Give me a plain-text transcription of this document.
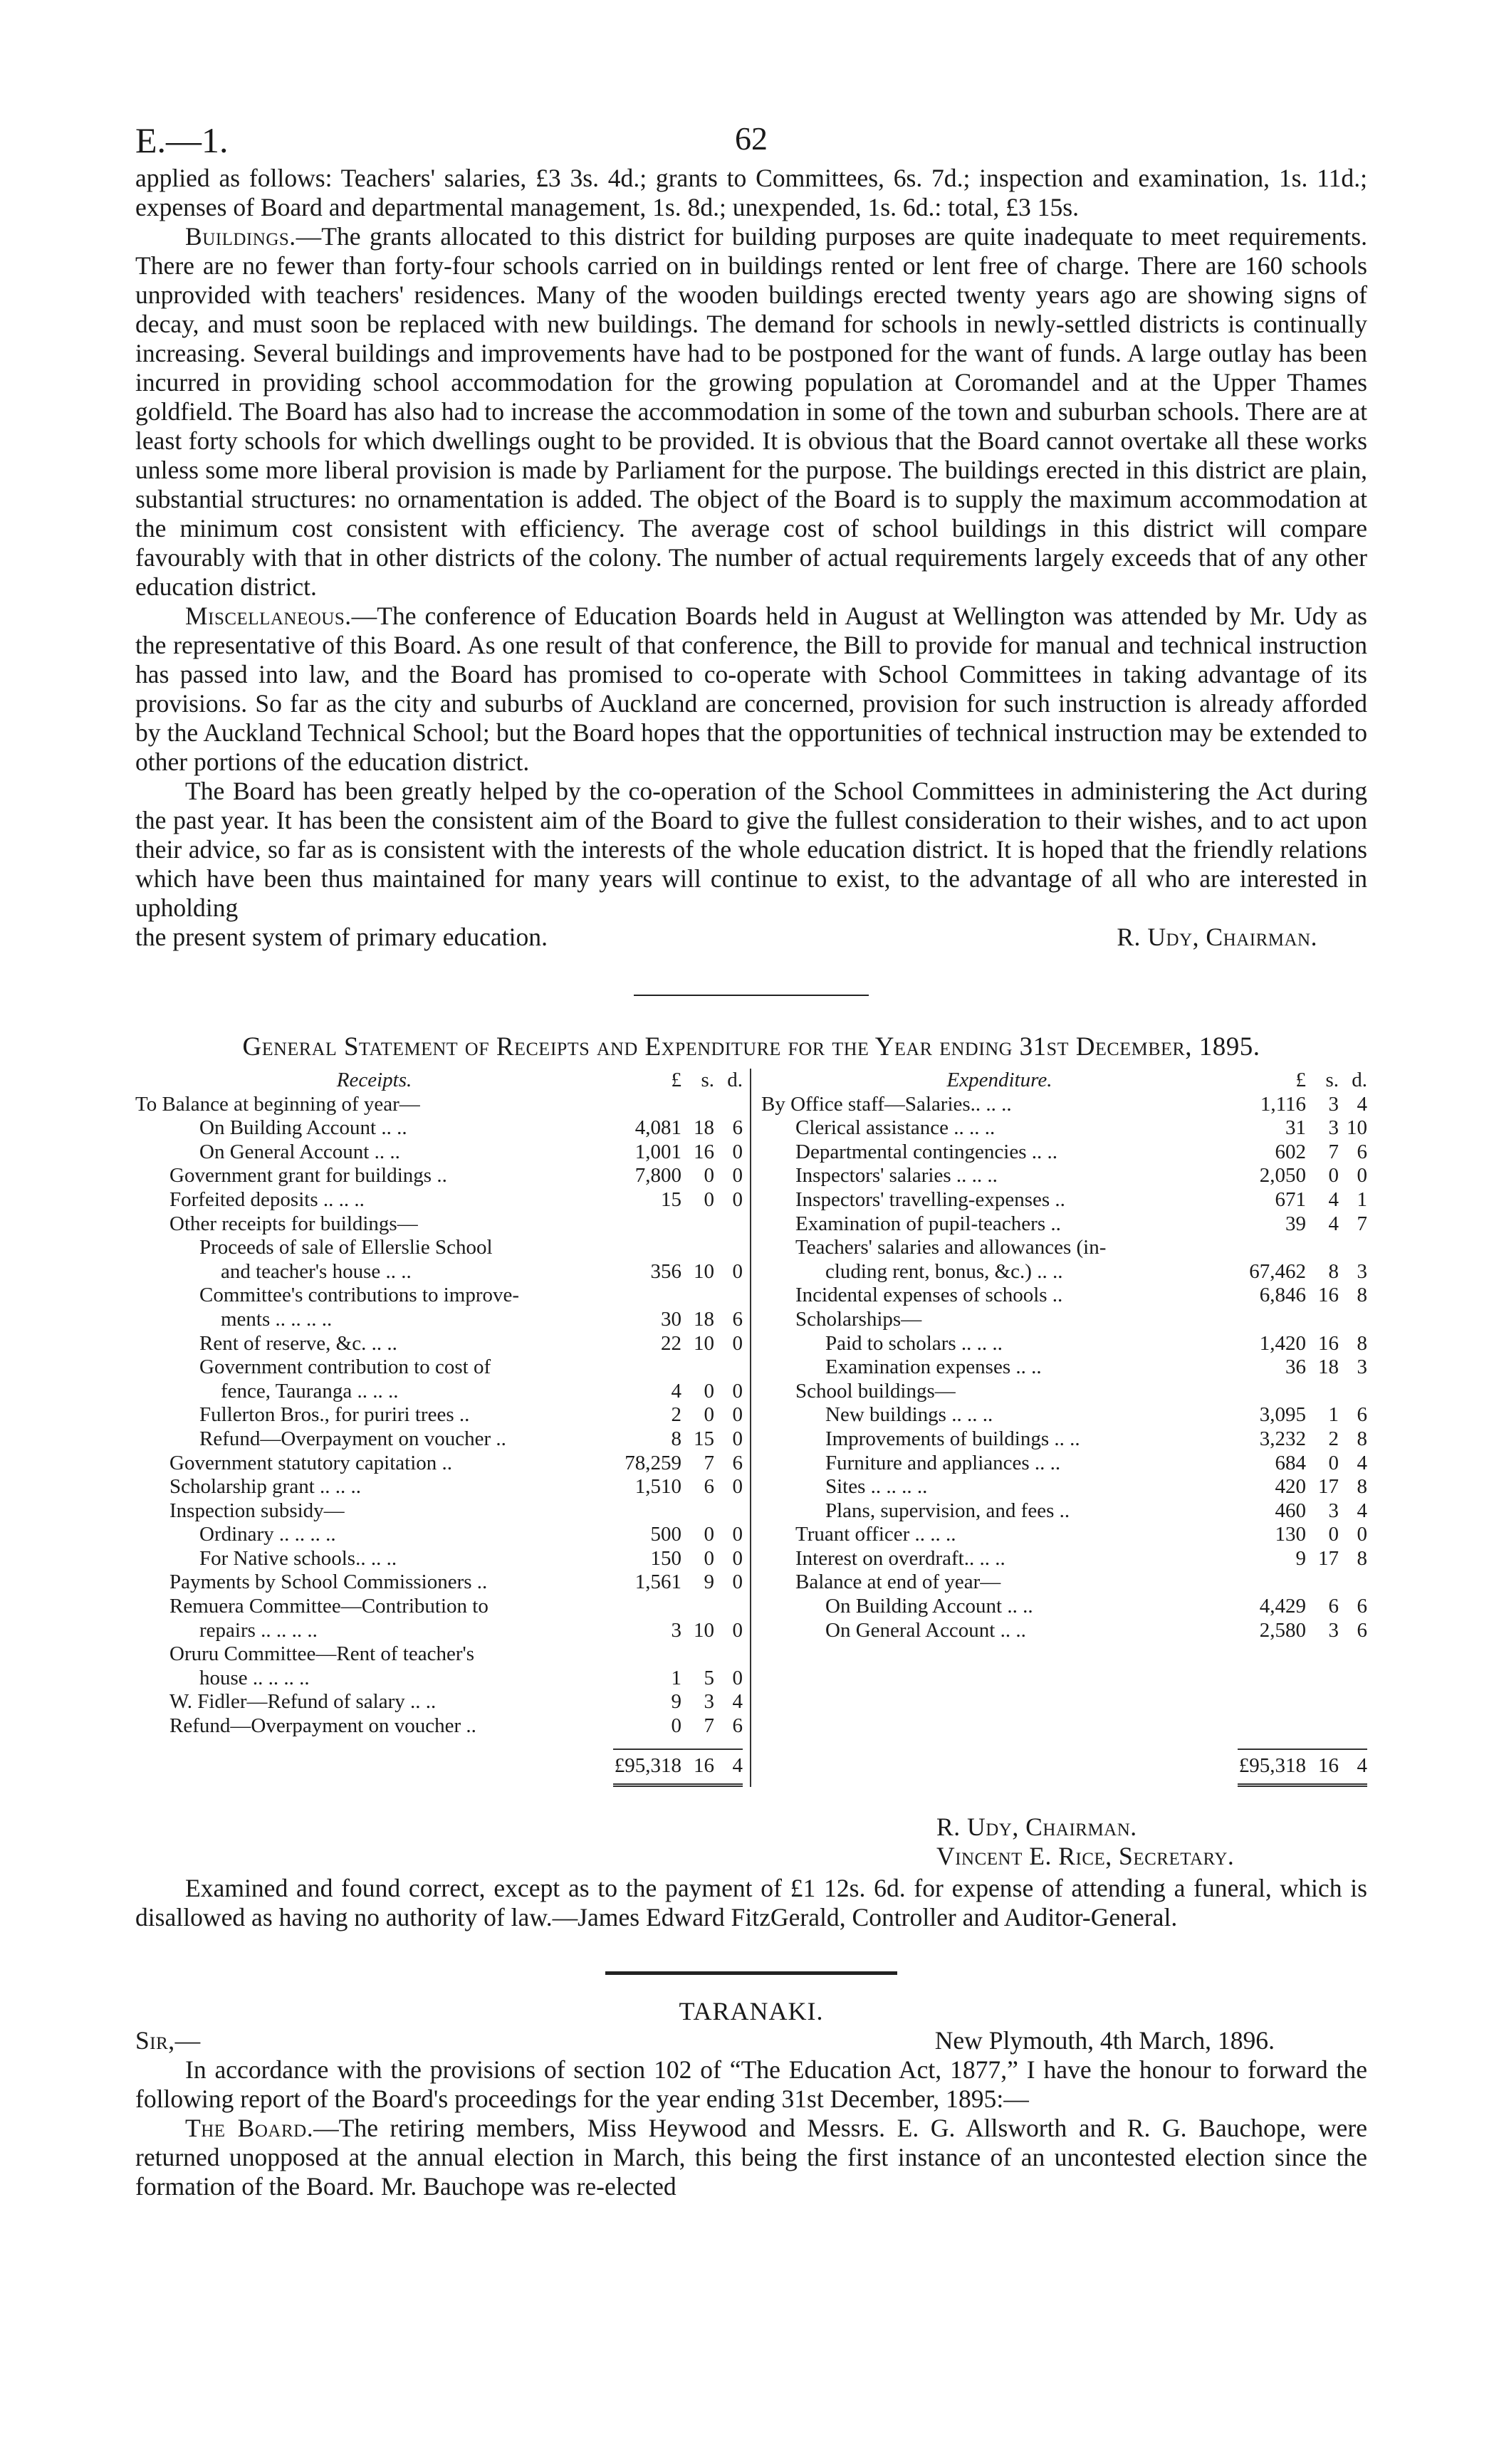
E.—1.	62

applied as follows: Teachers' salaries, £3 3s. 4d.; grants to Committees, 6s. 7d.; inspection and examination, 1s. 11d.; expenses of Board and departmental management, 1s. 8d.; unexpended, 1s. 6d.: total, £3 15s.

Buildings.—The grants allocated to this district for building purposes are quite inadequate to meet requirements. There are no fewer than forty-four schools carried on in buildings rented or lent free of charge. There are 160 schools unprovided with teachers' residences. Many of the wooden buildings erected twenty years ago are showing signs of decay, and must soon be replaced with new buildings. The demand for schools in newly-settled districts is continually increasing. Several buildings and improvements have had to be postponed for the want of funds. A large outlay has been incurred in providing school accommodation for the growing population at Coromandel and at the Upper Thames goldfield. The Board has also had to increase the accommodation in some of the town and suburban schools. There are at least forty schools for which dwellings ought to be provided. It is obvious that the Board cannot overtake all these works unless some more liberal provision is made by Parliament for the purpose. The buildings erected in this district are plain, substantial structures: no ornamentation is added. The object of the Board is to supply the maximum accommodation at the minimum cost consistent with efficiency. The average cost of school buildings in this district will compare favourably with that in other districts of the colony. The number of actual requirements largely exceeds that of any other education district.

Miscellaneous.—The conference of Education Boards held in August at Wellington was attended by Mr. Udy as the representative of this Board. As one result of that conference, the Bill to provide for manual and technical instruction has passed into law, and the Board has promised to co-operate with School Committees in taking advantage of its provisions. So far as the city and suburbs of Auckland are concerned, provision for such instruction is already afforded by the Auckland Technical School; but the Board hopes that the opportunities of technical instruction may be extended to other portions of the education district.

The Board has been greatly helped by the co-operation of the School Committees in administering the Act during the past year. It has been the consistent aim of the Board to give the fullest consideration to their wishes, and to act upon their advice, so far as is consistent with the interests of the whole education district. It is hoped that the friendly relations which have been thus maintained for many years will continue to exist, to the advantage of all who are interested in upholding

the present system of primary education.	R. Udy, Chairman.
General Statement of Receipts and Expenditure for the Year ending 31st December, 1895.
Receipts.	£ s. d.
To Balance at beginning of year—
On Building Account .. ..	4,081 18 6
On General Account .. ..	1,001 16 0
Government grant for buildings ..	7,800	0 0
Forfeited deposits .. .. ..	15	0 0
Other receipts for buildings—
Proceeds of sale of Ellerslie School
and teacher's house .. ..	356 10 0
Committee's contributions to improve-
ments .. .. .. ..	30 18 6
Rent of reserve, &c. .. ..	22 10 0
Government contribution to cost of
fence, Tauranga .. .. ..	4	0 0
Fullerton Bros., for puriri trees ..	2	0 0
Refund—Overpayment on voucher ..	8 15 0
Government statutory capitation ..	78,259	7 6
Scholarship grant .. .. ..	1,510	6 0
Inspection subsidy—
Ordinary .. .. .. ..	500	0 0
For Native schools.. .. ..	150	0 0
Payments by School Commissioners ..	1,561	9 0
Remuera Committee—Contribution to
repairs .. .. .. ..	3 10 0
Oruru Committee—Rent of teacher's
house .. .. .. ..	1	5 0
W. Fidler—Refund of salary .. ..	9	3 4
Refund—Overpayment on voucher ..	0	7 6
£95,318 16 4
Expenditure.	£ s. d.
By Office staff—Salaries.. .. ..	1,116	3 4
Clerical assistance .. .. ..	31	3 10
Departmental contingencies .. ..	602	7 6
Inspectors' salaries .. .. ..	2,050	0 0
Inspectors' travelling-expenses ..	671	4 1
Examination of pupil-teachers ..	39	4 7
Teachers' salaries and allowances (in-
cluding rent, bonus, &c.) .. ..	67,462	8 3
Incidental expenses of schools ..	6,846 16 8
Scholarships—
Paid to scholars .. .. ..	1,420 16 8
Examination expenses .. ..	36 18 3
School buildings—
New buildings .. .. ..	3,095	1 6
Improvements of buildings .. ..	3,232	2 8
Furniture and appliances .. ..	684	0 4
Sites .. .. .. ..	420 17 8
Plans, supervision, and fees ..	460	3 4
Truant officer .. .. ..	130	0 0
Interest on overdraft.. .. ..	9 17 8
Balance at end of year—
On Building Account .. ..	4,429	6 6
On General Account .. ..	2,580	3 6
£95,318 16 4
R. Udy, Chairman.
Vincent E. Rice, Secretary.

Examined and found correct, except as to the payment of £1 12s. 6d. for expense of attending a funeral, which is disallowed as having no authority of law.—James Edward FitzGerald, Controller and Auditor-General.

TARANAKI.
Sir,—	New Plymouth, 4th March, 1896.

In accordance with the provisions of section 102 of “The Education Act, 1877,” I have the honour to forward the following report of the Board's proceedings for the year ending 31st December, 1895:—

The Board.—The retiring members, Miss Heywood and Messrs. E. G. Allsworth and R. G. Bauchope, were returned unopposed at the annual election in March, this being the first instance of an uncontested election since the formation of the Board. Mr. Bauchope was re-elected
